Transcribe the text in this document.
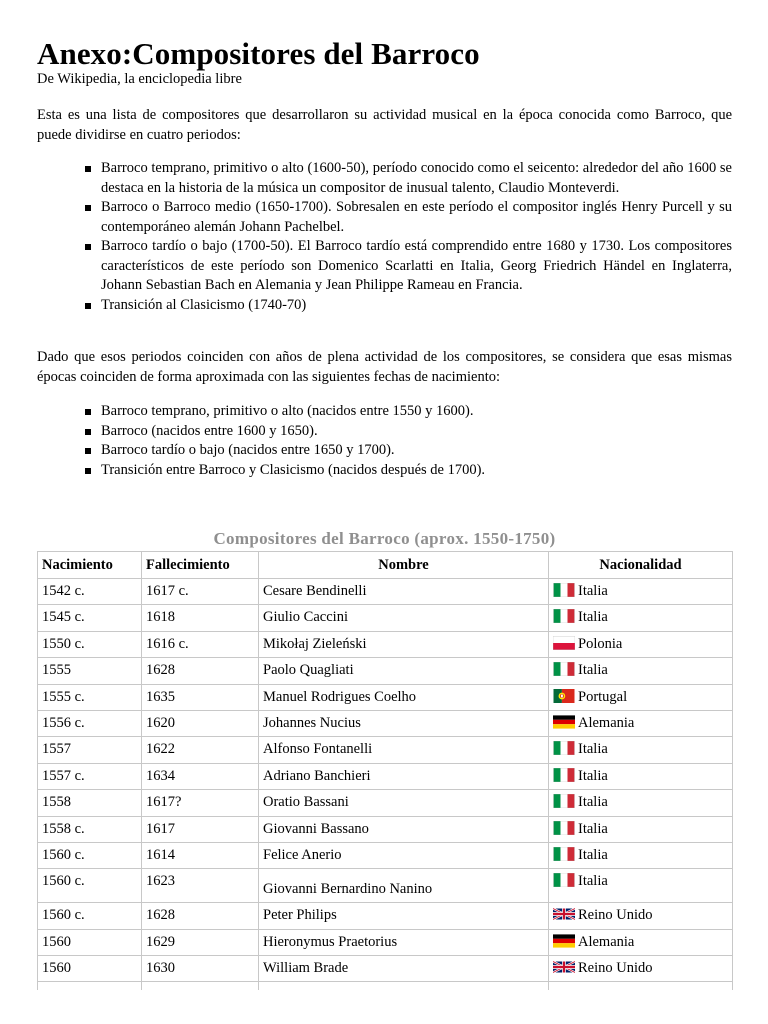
Anexo:Compositores del Barroco
De Wikipedia, la enciclopedia libre

Esta es una lista de compositores que desarrollaron su actividad musical en la época conocida como Barroco, que puede dividirse en cuatro periodos:

Barroco temprano, primitivo o alto (1600-50), período conocido como el seicento: alrededor del año 1600 se destaca en la historia de la música un compositor de inusual talento, Claudio Monteverdi.
Barroco o Barroco medio (1650-1700). Sobresalen en este período el compositor inglés Henry Purcell y su contemporáneo alemán Johann Pachelbel.
Barroco tardío o bajo (1700-50). El Barroco tardío está comprendido entre 1680 y 1730. Los compositores característicos de este período son Domenico Scarlatti en Italia, Georg Friedrich Händel en Inglaterra, Johann Sebastian Bach en Alemania y Jean Philippe Rameau en Francia.
Transición al Clasicismo (1740-70)

Dado que esos periodos coinciden con años de plena actividad de los compositores, se considera que esas mismas épocas coinciden de forma aproximada con las siguientes fechas de nacimiento:

Barroco temprano, primitivo o alto (nacidos entre 1550 y 1600).
Barroco (nacidos entre 1600 y 1650).
Barroco tardío o bajo (nacidos entre 1650 y 1700).
Transición entre Barroco y Clasicismo (nacidos después de 1700).
Compositores del Barroco (aprox. 1550-1750)
Nacimiento	Fallecimiento	Nombre	Nacionalidad
1542 c.	1617 c.	Cesare Bendinelli	Italia
1545 c.	1618	Giulio Caccini	Italia
1550 c.	1616 c.	Mikołaj Zieleński	Polonia
1555	1628	Paolo Quagliati	Italia
1555 c.	1635	Manuel Rodrigues Coelho	Portugal
1556 c.	1620	Johannes Nucius	Alemania
1557	1622	Alfonso Fontanelli	Italia
1557 c.	1634	Adriano Banchieri	Italia
1558	1617?	Oratio Bassani	Italia
1558 c.	1617	Giovanni Bassano	Italia
1560 c.	1614	Felice Anerio	Italia
1560 c.	1623	Giovanni Bernardino Nanino	Italia
1560 c.	1628	Peter Philips	Reino Unido
1560	1629	Hieronymus Praetorius	Alemania
1560	1630	William Brade	Reino Unido
